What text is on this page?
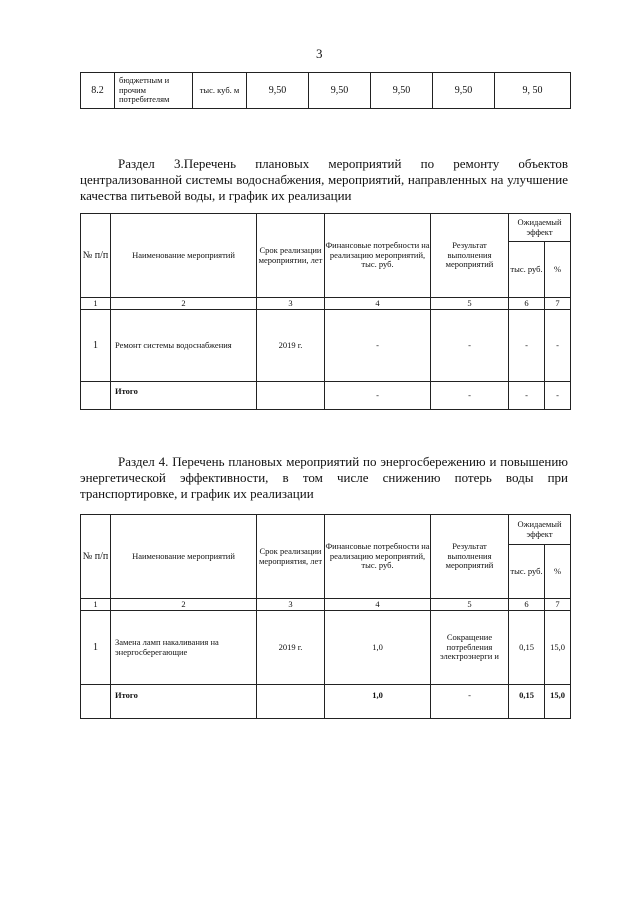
3
8.2	бюджетным и прочим потребителям	тыс. куб. м	9,50	9,50	9,50	9,50	9, 50
Раздел 3.Перечень плановых мероприятий по ремонту объектов централизованной системы водоснабжения, мероприятий, направленных на улучшение качества питьевой воды, и график их реализации
№ п/п	Наименование мероприятий	Срок реализации мероприятии, лет	Финансовые потребности на реализацию мероприятий, тыс. руб.	Результат выполнения мероприятий	Ожидаемый эффект	
					тыс. руб.	%
1	2	3	4	5	6	7
1	Ремонт системы водоснабжения	2019 г.	-	-	-	-
	Итого		-	-	-	-
Раздел 4. Перечень плановых мероприятий по энергосбережению и повышению энергетической эффективности, в том числе снижению потерь воды при транспортировке, и график их реализации
№ п/п	Наименование мероприятий	Срок реализации мероприятия, лет	Финансовые потребности на реализацию мероприятий, тыс. руб.	Результат выполнения мероприятий	Ожидаемый эффект	
					тыс. руб.	%
1	2	3	4	5	6	7
1	Замена ламп накаливания на энергосберегающие	2019 г.	1,0	Сокращение потребления электроэнерги и	0,15	15,0
	Итого		1,0	-	0,15	15,0
